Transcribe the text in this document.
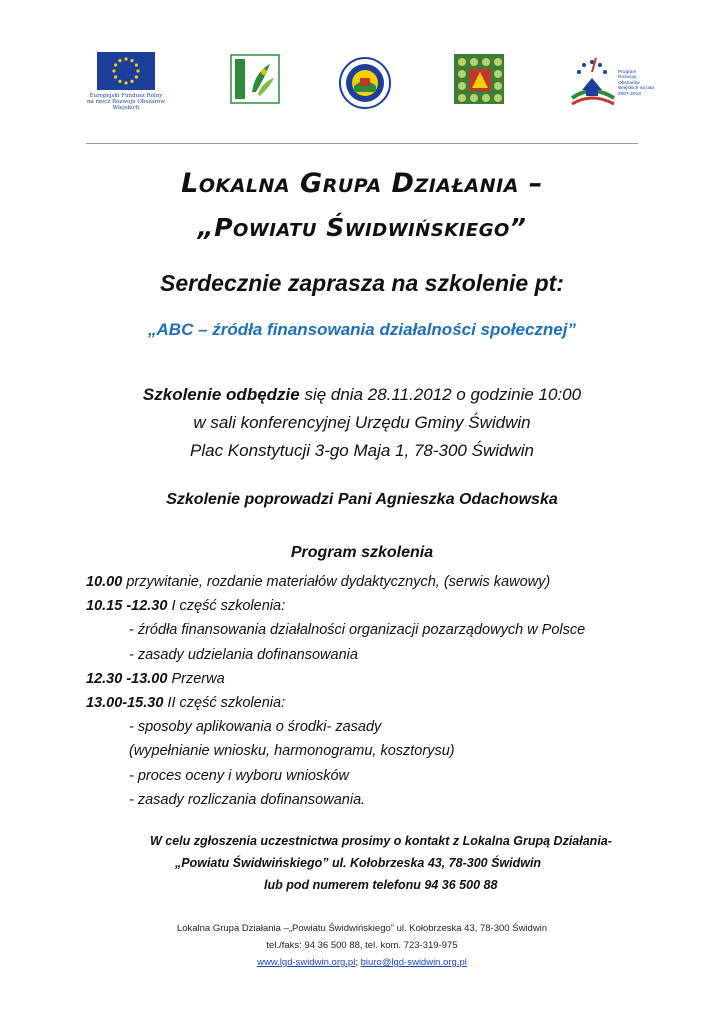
Europejski Fundusz Rolny na rzecz Rozwoju Obszarów Wiejskich
Program Rozwoju Obszarów Wiejskich na lata 2007-2013
Lokalna Grupa Działania –
„Powiatu Świdwińskiego”
Serdecznie zaprasza na szkolenie pt:
„ABC – źródła finansowania działalności społecznej”
Szkolenie odbędzie się dnia 28.11.2012 o godzinie 10:00
w sali konferencyjnej Urzędu Gminy Świdwin
Plac Konstytucji 3-go Maja 1, 78-300 Świdwin
Szkolenie poprowadzi Pani Agnieszka Odachowska
Program szkolenia
10.00 przywitanie, rozdanie materiałów dydaktycznych, (serwis kawowy)
10.15 -12.30 I część szkolenia:
- źródła finansowania działalności organizacji pozarządowych w Polsce
- zasady udzielania dofinansowania
12.30 -13.00 Przerwa
13.00-15.30 II część szkolenia:
- sposoby aplikowania o środki- zasady
(wypełnianie wniosku, harmonogramu, kosztorysu)
- proces oceny i wyboru wniosków
- zasady rozliczania dofinansowania.
W celu zgłoszenia uczestnictwa prosimy o kontakt z Lokalna Grupą Działania-
„Powiatu Świdwińskiego” ul. Kołobrzeska 43, 78-300 Świdwin
lub pod numerem telefonu 94 36 500 88
Lokalna Grupa Działania –„Powiatu Świdwińskiego” ul. Kołobrzeska 43, 78-300 Świdwin
tel./faks: 94 36 500 88, tel. kom. 723-319-975
www.lgd-swidwin.org.pl; biuro@lgd-swidwin.org.pl
